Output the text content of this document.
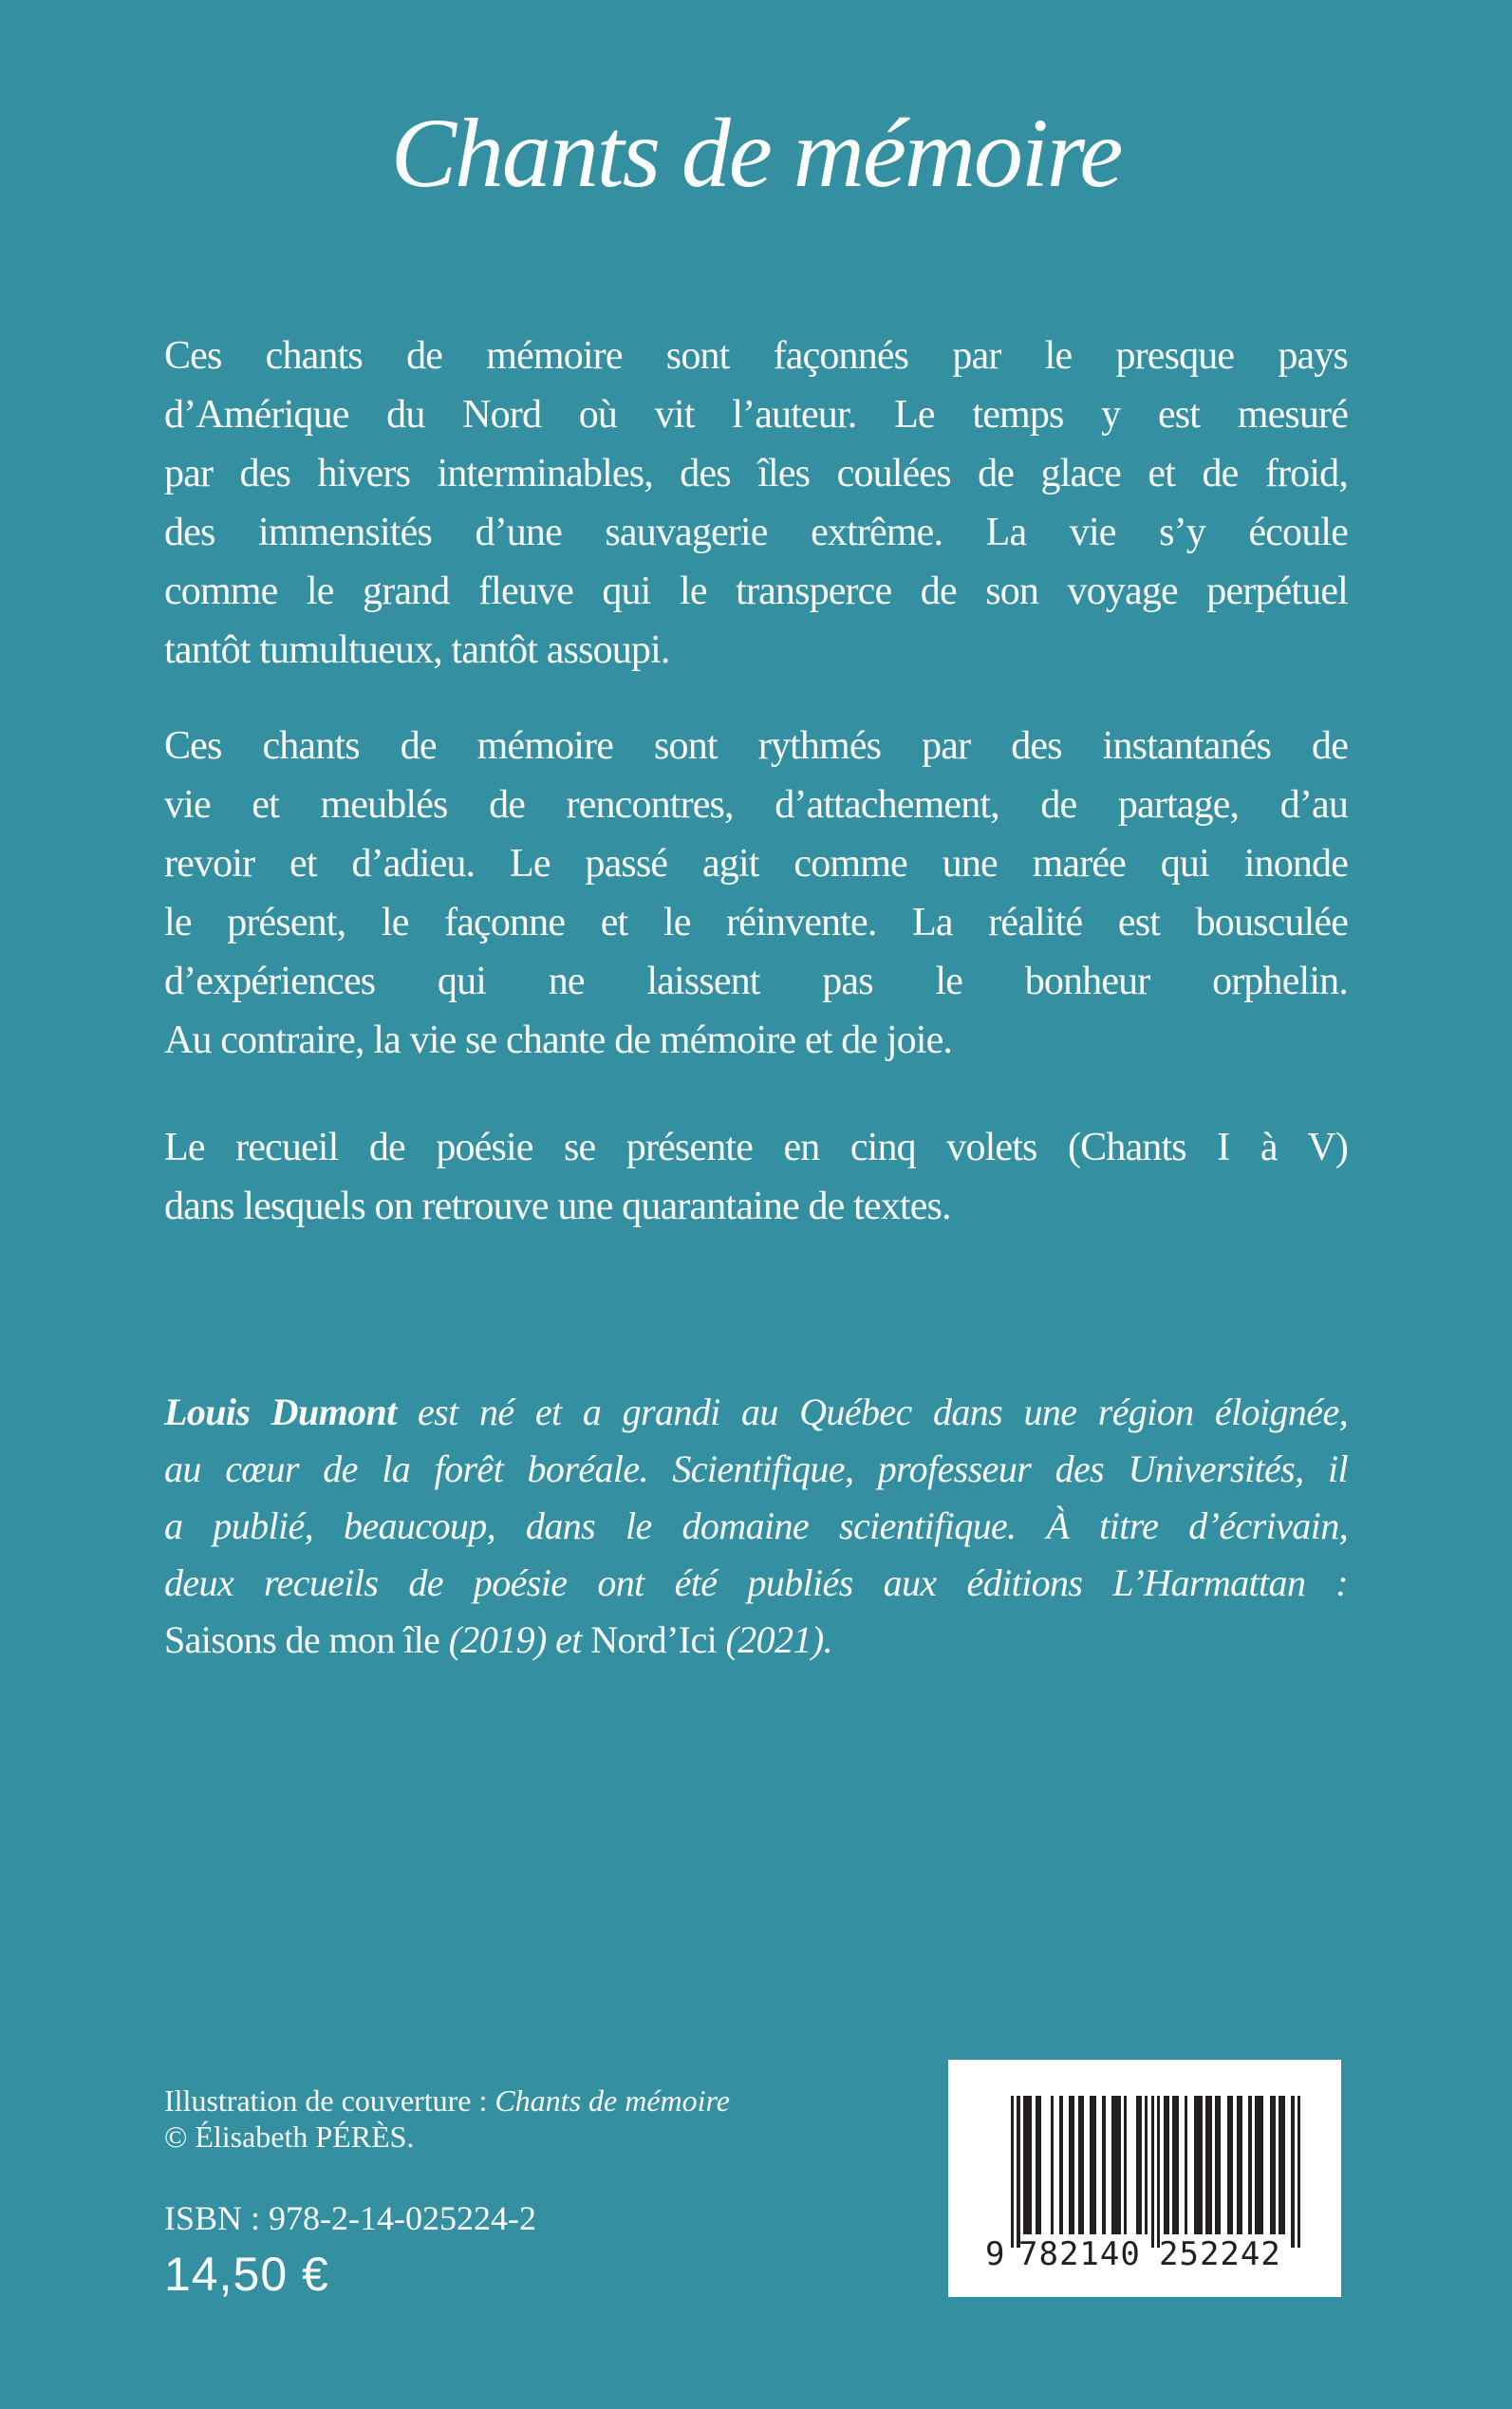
Chants de mémoire
Ces chants de mémoire sont façonnés par le presque pays
d’Amérique du Nord où vit l’auteur. Le temps y est mesuré
par des hivers interminables, des îles coulées de glace et de froid,
des immensités d’une sauvagerie extrême. La vie s’y écoule
comme le grand fleuve qui le transperce de son voyage perpétuel
tantôt tumultueux, tantôt assoupi.
Ces chants de mémoire sont rythmés par des instantanés de
vie et meublés de rencontres, d’attachement, de partage, d’au
revoir et d’adieu. Le passé agit comme une marée qui inonde
le présent, le façonne et le réinvente. La réalité est bousculée
d’expériences qui ne laissent pas le bonheur orphelin.
Au contraire, la vie se chante de mémoire et de joie.
Le recueil de poésie se présente en cinq volets (Chants I à V)
dans lesquels on retrouve une quarantaine de textes.
Louis Dumont est né et a grandi au Québec dans une région éloignée,
au cœur de la forêt boréale. Scientifique, professeur des Universités, il
a publié, beaucoup, dans le domaine scientifique. À titre d’écrivain,
deux recueils de poésie ont été publiés aux éditions L’Harmattan :
Saisons de mon île (2019) et Nord’Ici (2021).
Illustration de couverture : Chants de mémoire
© Élisabeth PÉRÈS.
ISBN : 978-2-14-025224-2
14,50 €	9 782140 252242
